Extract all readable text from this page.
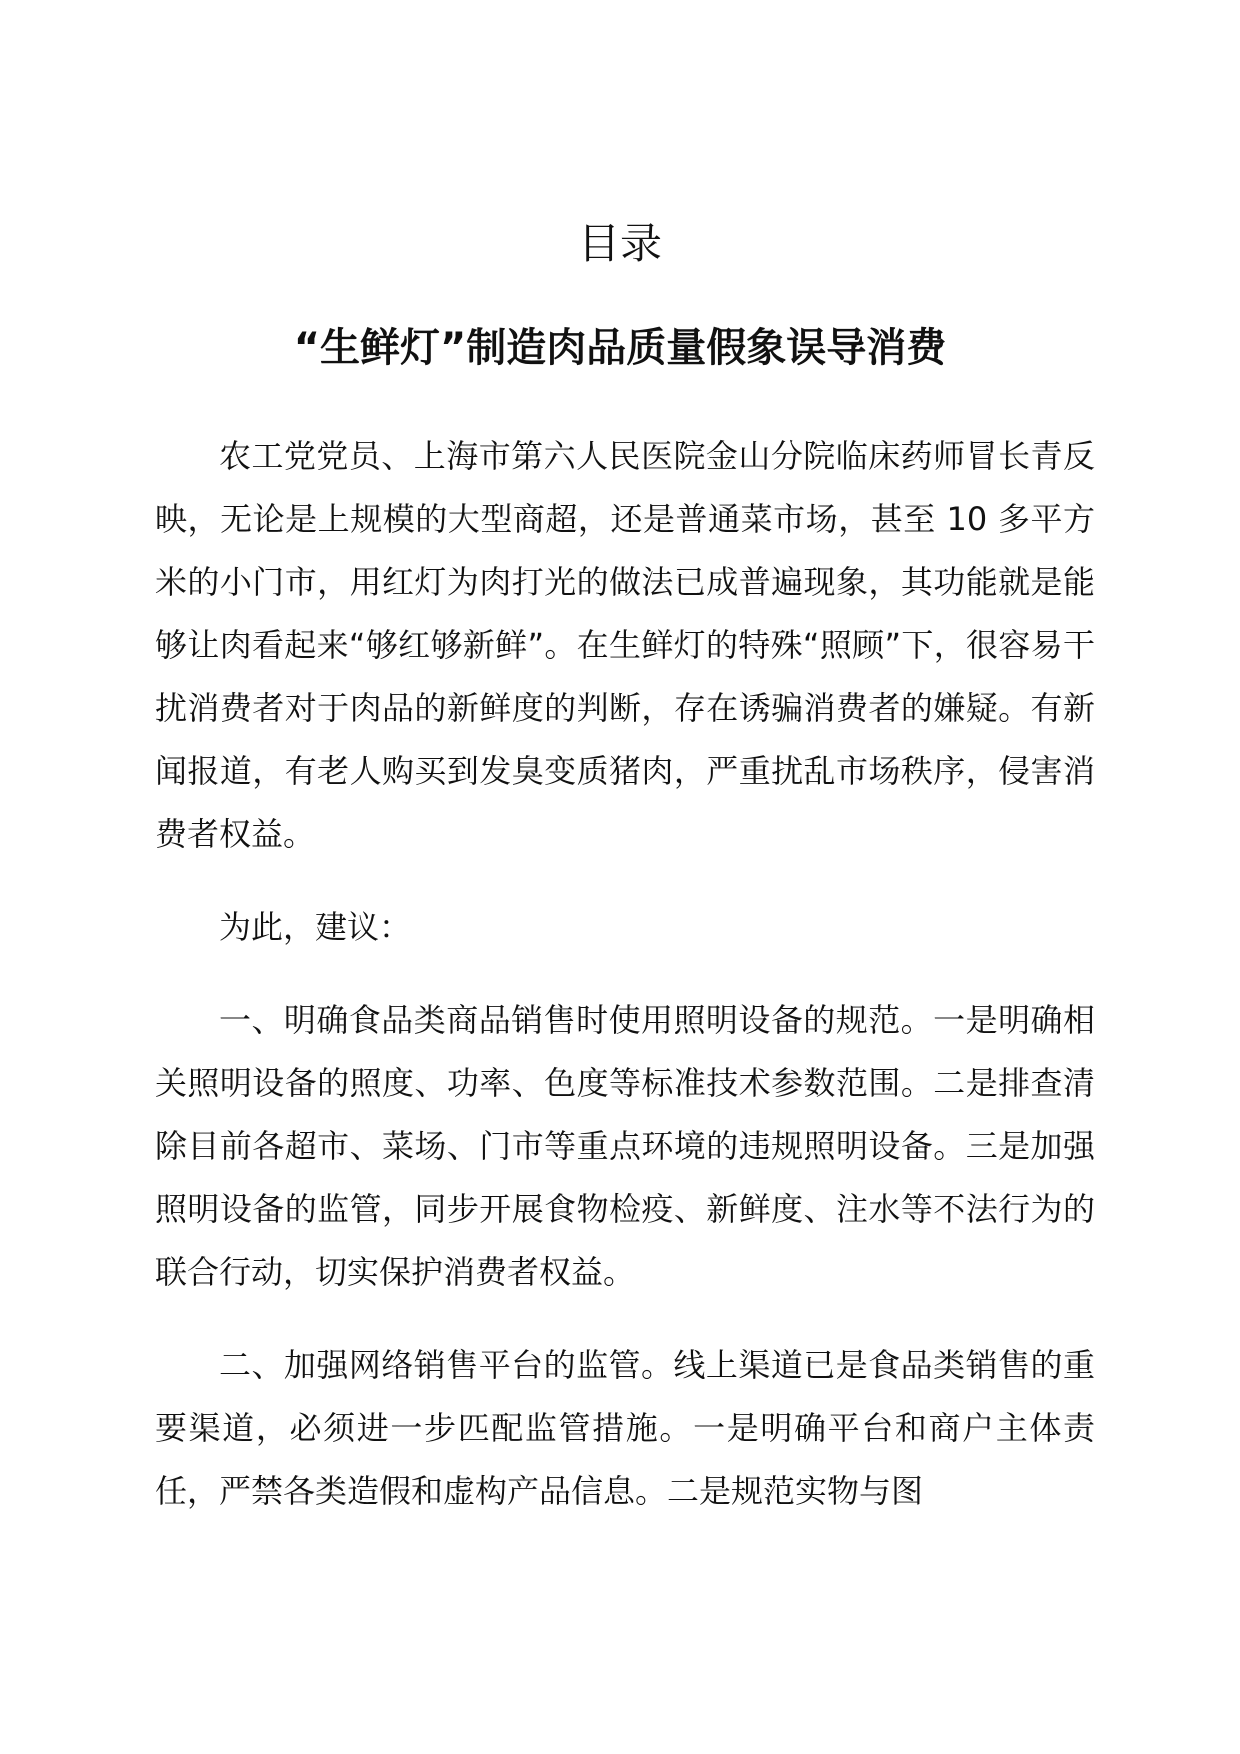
目录
“生鲜灯”制造肉品质量假象误导消费

农工党党员、上海市第六人民医院金山分院临床药师冒长青反映，无论是上规模的大型商超，还是普通菜市场，甚至 10 多平方米的小门市，用红灯为肉打光的做法已成普遍现象，其功能就是能够让肉看起来“够红够新鲜”。在生鲜灯的特殊“照顾”下，很容易干扰消费者对于肉品的新鲜度的判断，存在诱骗消费者的嫌疑。有新闻报道，有老人购买到发臭变质猪肉，严重扰乱市场秩序，侵害消费者权益。

为此，建议：

一、明确食品类商品销售时使用照明设备的规范。一是明确相关照明设备的照度、功率、色度等标准技术参数范围。二是排查清除目前各超市、菜场、门市等重点环境的违规照明设备。三是加强照明设备的监管，同步开展食物检疫、新鲜度、注水等不法行为的联合行动，切实保护消费者权益。

二、加强网络销售平台的监管。线上渠道已是食品类销售的重要渠道，必须进一步匹配监管措施。一是明确平台和商户主体责任，严禁各类造假和虚构产品信息。二是规范实物与图
